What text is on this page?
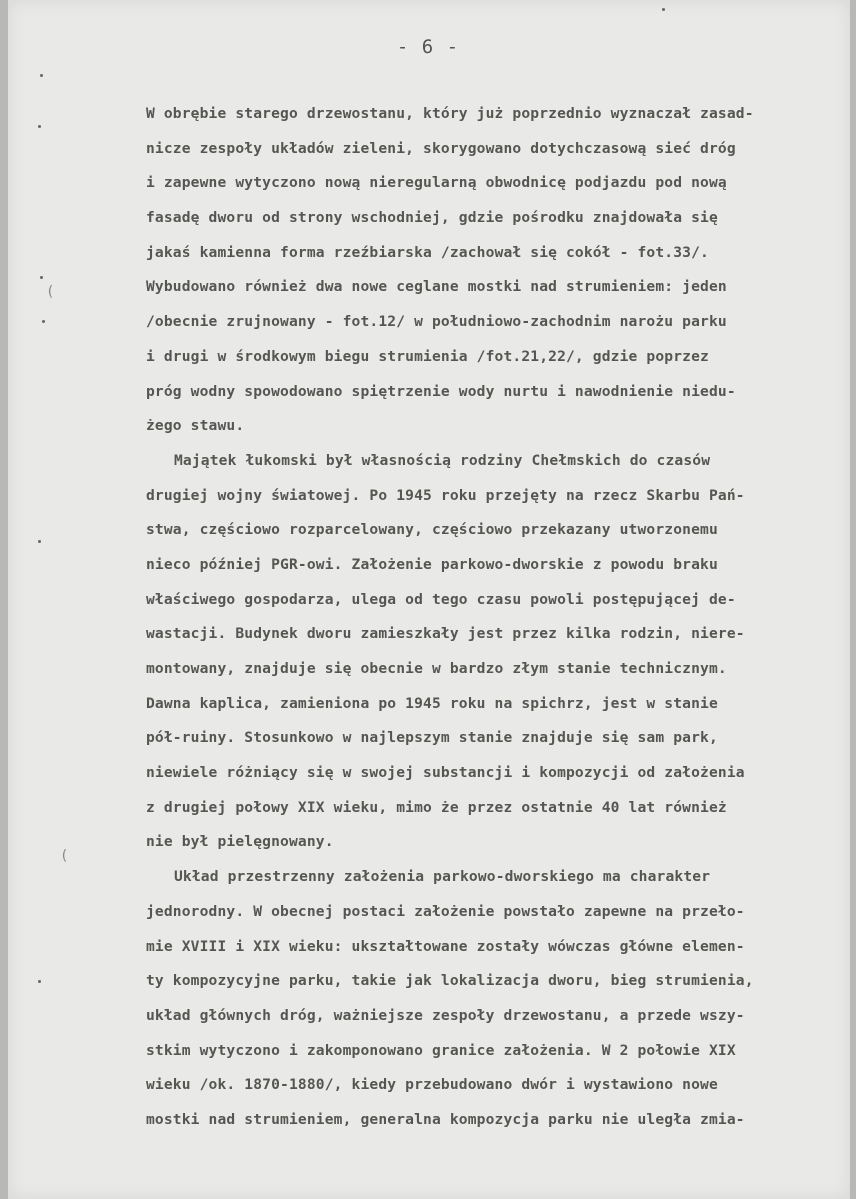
(
(
- 6 -
W obrębie starego drzewostanu, który już poprzednio wyznaczał zasad-
nicze zespoły układów zieleni, skorygowano dotychczasową sieć dróg
i zapewne wytyczono nową nieregularną obwodnicę podjazdu pod nową
fasadę dworu od strony wschodniej, gdzie pośrodku znajdowała się
jakaś kamienna forma rzeźbiarska /zachował się cokół - fot.33/.
Wybudowano również dwa nowe ceglane mostki nad strumieniem: jeden
/obecnie zrujnowany - fot.12/ w południowo-zachodnim narożu parku
i drugi w środkowym biegu strumienia /fot.21,22/, gdzie poprzez
próg wodny spowodowano spiętrzenie wody nurtu i nawodnienie niedu-
żego stawu.
Majątek łukomski był własnością rodziny Chełmskich do czasów
drugiej wojny światowej. Po 1945 roku przejęty na rzecz Skarbu Pań-
stwa, częściowo rozparcelowany, częściowo przekazany utworzonemu
nieco później PGR-owi. Założenie parkowo-dworskie z powodu braku
właściwego gospodarza, ulega od tego czasu powoli postępującej de-
wastacji. Budynek dworu zamieszkały jest przez kilka rodzin, niere-
montowany, znajduje się obecnie w bardzo złym stanie technicznym.
Dawna kaplica, zamieniona po 1945 roku na spichrz, jest w stanie
pół-ruiny. Stosunkowo w najlepszym stanie znajduje się sam park,
niewiele różniący się w swojej substancji i kompozycji od założenia
z drugiej połowy XIX wieku, mimo że przez ostatnie 40 lat również
nie był pielęgnowany.
Układ przestrzenny założenia parkowo-dworskiego ma charakter
jednorodny. W obecnej postaci założenie powstało zapewne na przeło-
mie XVIII i XIX wieku: ukształtowane zostały wówczas główne elemen-
ty kompozycyjne parku, takie jak lokalizacja dworu, bieg strumienia,
układ głównych dróg, ważniejsze zespoły drzewostanu, a przede wszy-
stkim wytyczono i zakomponowano granice założenia. W 2 połowie XIX
wieku /ok. 1870-1880/, kiedy przebudowano dwór i wystawiono nowe
mostki nad strumieniem, generalna kompozycja parku nie uległa zmia-
